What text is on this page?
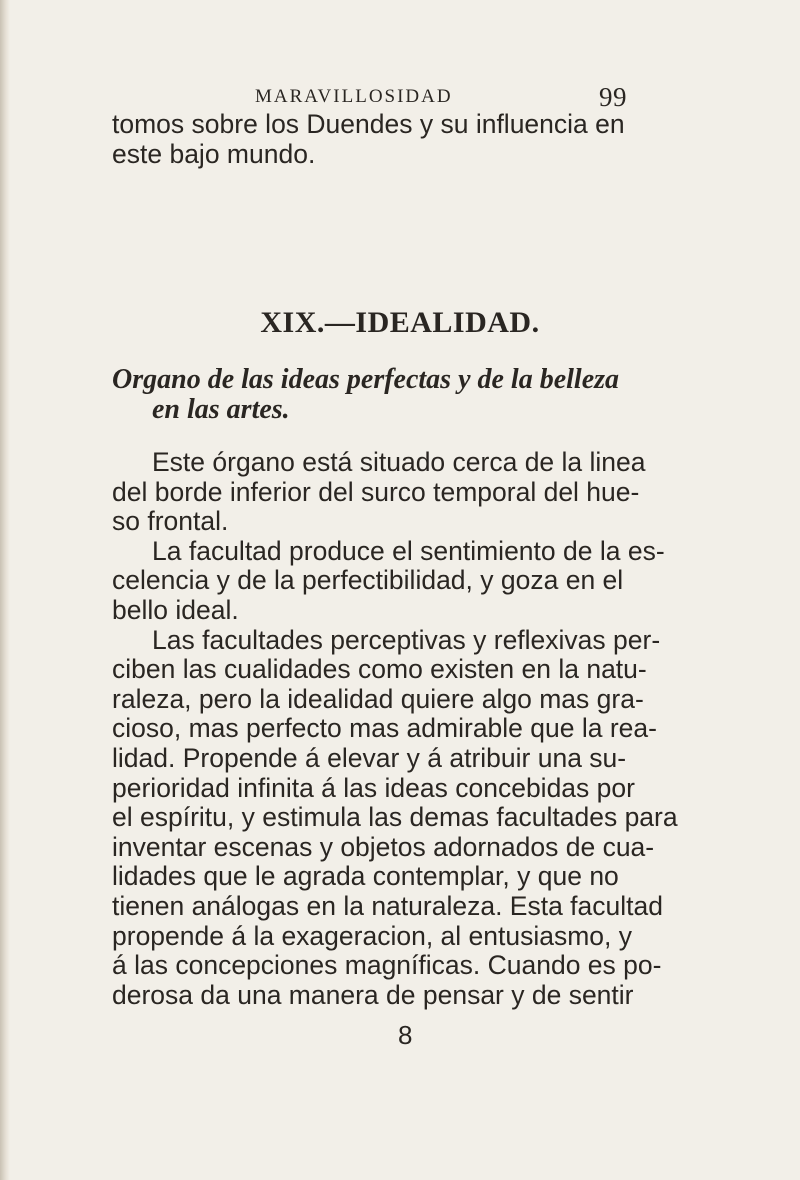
MARAVILLOSIDAD	99
tomos sobre los Duendes y su influencia en
este bajo mundo.
XIX.—IDEALIDAD.
Organo de las ideas perfectas y de la belleza
en las artes.
Este órgano está situado cerca de la linea
del borde inferior del surco temporal del hue-
so frontal.
La facultad produce el sentimiento de la es-
celencia y de la perfectibilidad, y goza en el
bello ideal.
Las facultades perceptivas y reflexivas per-
ciben las cualidades como existen en la natu-
raleza, pero la idealidad quiere algo mas gra-
cioso, mas perfecto mas admirable que la rea-
lidad. Propende á elevar y á atribuir una su-
perioridad infinita á las ideas concebidas por
el espíritu, y estimula las demas facultades para
inventar escenas y objetos adornados de cua-
lidades que le agrada contemplar, y que no
tienen análogas en la naturaleza. Esta facultad
propende á la exageracion, al entusiasmo, y
á las concepciones magníficas. Cuando es po-
derosa da una manera de pensar y de sentir
8
